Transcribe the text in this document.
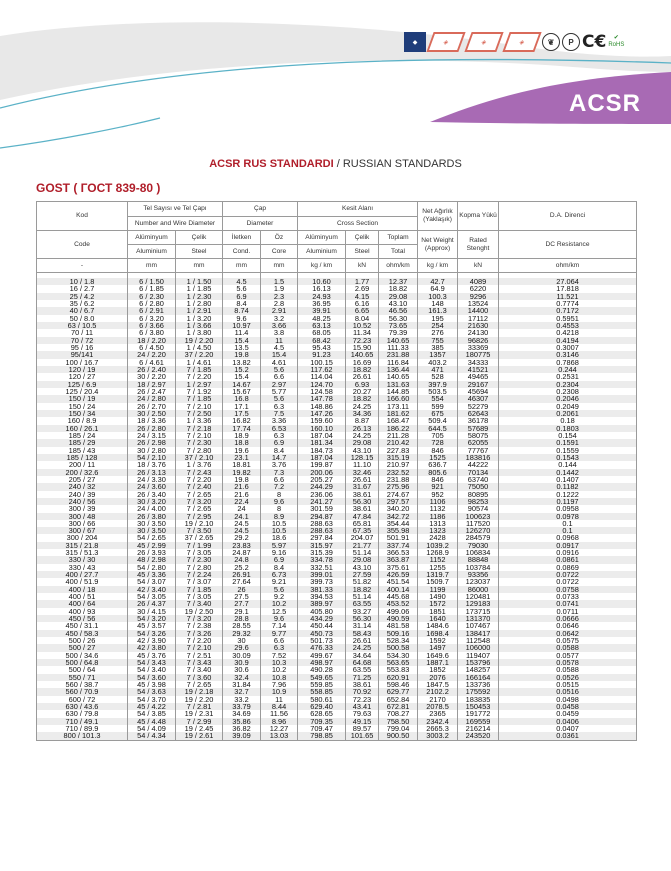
◆	◈	◈	◈	❦	P C€ ✔
RoHS
ACSR
ACSR RUS STANDARDI / RUSSIAN STANDARDS
GOST ( ГОСТ 839-80 )
Kod	Tel Sayısı ve Tel Çapı		Çap		Kesit Alanı			Net Ağırlık (Yaklaşık)	Kopma Yükü	D.A. Direnci
	Number and Wire Diameter		Diameter		Cross Section					
Code	Alüminyum	Çelik	İletken	Öz	Alüminyum	Çelik	Toplam	Net Weight (Approx)	Rated Stenght	DC Resistance
	Aluminium	Steel	Cond.	Core	Aluminium	Steel	Total			
-	mm	mm	mm	mm	kg / km	kN	ohm/km	kg / km	kN	ohm/km

10 / 1.8	6 / 1.50	1 / 1.50	4.5	1.5	10.60	1.77	12.37	42.7	4089	27.064
16 / 2.7	6 / 1.85	1 / 1.85	5.6	1.9	16.13	2.69	18.82	64.9	6220	17.818
25 / 4.2	6 / 2.30	1 / 2.30	6.9	2.3	24.93	4.15	29.08	100.3	9296	11.521
35 / 6.2	6 / 2.80	1 / 2.80	8.4	2.8	36.95	6.16	43.10	148	13524	0.7774
40 / 6.7	6 / 2.91	1 / 2.91	8.74	2.91	39.91	6.65	46.56	161.3	14400	0.7172
50 / 8.0	6 / 3.20	1 / 3.20	9.6	3.2	48.25	8.04	56.30	195	17112	0.5951
63 / 10.5	6 / 3.66	1 / 3.66	10.97	3.66	63.13	10.52	73.65	254	21630	0.4553
70 / 11	6 / 3.80	1 / 3.80	11.4	3.8	68.05	11.34	79.39	276	24130	0.4218
70 / 72	18 / 2.20	19 / 2.20	15.4	11	68.42	72.23	140.65	755	96826	0.4194
95 / 16	6 / 4.50	1 / 4.50	13.5	4.5	95.43	15.90	111.33	385	33369	0.3007
95/141	24 / 2.20	37 / 2.20	19.8	15.4	91.23	140.65	231.88	1357	180775	0.3146
100 / 16.7	6 / 4.61	1 / 4.61	13.82	4.61	100.15	16.69	116.84	403.2	34333	0.7868
120 / 19	26 / 2.40	7 / 1.85	15.2	5.6	117.62	18.82	136.44	471	41521	0.244
120 / 27	30 / 2.20	7 / 2.20	15.4	6.6	114.04	26.61	140.65	528	49465	0.2531
125 / 6.9	18 / 2.97	1 / 2.97	14.67	2.97	124.70	6.93	131.63	397.9	29167	0.2304
125 / 20.4	26 / 2.47	7 / 1.92	15.67	5.77	124.58	20.27	144.85	503.5	45694	0.2308
150 / 19	24 / 2.80	7 / 1.85	16.8	5.6	147.78	18.82	166.60	554	46307	0.2046
150 / 24	26 / 2.70	7 / 2.10	17.1	6.3	148.86	24.25	173.11	599	52279	0.2049
150 / 34	30 / 2.50	7 / 2.50	17.5	7.5	147.26	34.36	181.62	675	62643	0.2061
160 / 8.9	18 / 3.36	1 / 3.36	16.82	3.36	159.60	8.87	168.47	509.4	36178	0.18
160 / 26.1	26 / 2.80	7 / 2.18	17.74	6.53	160.10	26.13	186.22	644.5	57689	0.1803
185 / 24	24 / 3.15	7 / 2.10	18.9	6.3	187.04	24.25	211.28	705	58075	0.154
185 / 29	26 / 2.98	7 / 2.30	18.8	6.9	181.34	29.08	210.42	728	62055	0.1591
185 / 43	30 / 2.80	7 / 2.80	19.6	8.4	184.73	43.10	227.83	846	77767	0.1559
185 / 128	54 / 2.10	37 / 2.10	23.1	14.7	187.04	128.15	315.19	1525	183816	0.1543
200 / 11	18 / 3.76	1 / 3.76	18.81	3.76	199.87	11.10	210.97	636.7	44222	0.144
200 / 32.6	26 / 3.13	7 / 2.43	19.82	7.3	200.06	32.46	232.52	805.6	70134	0.1442
205 / 27	24 / 3.30	7 / 2.20	19.8	6.6	205.27	26.61	231.88	846	63740	0.1407
240 / 32	24 / 3.60	7 / 2.40	21.6	7.2	244.29	31.67	275.96	921	75050	0.1182
240 / 39	26 / 3.40	7 / 2.65	21.6	8	236.06	38.61	274.67	952	80895	0.1222
240 / 56	30 / 3.20	7 / 3.20	22.4	9.6	241.27	56.30	297.57	1106	98253	0.1197
300 / 39	24 / 4.00	7 / 2.65	24	8	301.59	38.61	340.20	1132	90574	0.0958
300 / 48	26 / 3.80	7 / 2.95	24.1	8.9	294.87	47.84	342.72	1186	100623	0.0978
300 / 66	30 / 3.50	19 / 2.10	24.5	10.5	288.63	65.81	354.44	1313	117520	0.1
300 / 67	30 / 3.50	7 / 3.50	24.5	10.5	288.63	67.35	355.98	1323	126270	0.1
300 / 204	54 / 2.65	37 / 2.65	29.2	18.6	297.84	204.07	501.91	2428	284579	0.0968
315 / 21.8	45 / 2.99	7 / 1.99	23.83	5.97	315.97	21.77	337.74	1039.2	79030	0.0917
315 / 51.3	26 / 3.93	7 / 3.05	24.87	9.16	315.39	51.14	366.53	1268.9	106834	0.0916
330 / 30	48 / 2.98	7 / 2.30	24.8	6.9	334.78	29.08	363.87	1152	88848	0.0861
330 / 43	54 / 2.80	7 / 2.80	25.2	8.4	332.51	43.10	375.61	1255	103784	0.0869
400 / 27.7	45 / 3.36	7 / 2.24	26.91	6.73	399.01	27.59	426.59	1319.7	93356	0.0722
400 / 51.9	54 / 3.07	7 / 3.07	27.64	9.21	399.73	51.82	451.54	1509.7	123037	0.0722
400 / 18	42 / 3.40	7 / 1.85	26	5.6	381.33	18.82	400.14	1199	86000	0.0758
400 / 51	54 / 3.05	7 / 3.05	27.5	9.2	394.53	51.14	445.68	1490	120481	0.0733
400 / 64	26 / 4.37	7 / 3.40	27.7	10.2	389.97	63.55	453.52	1572	129183	0.0741
400 / 93	30 / 4.15	19 / 2.50	29.1	12.5	405.80	93.27	499.06	1851	173715	0.0711
450 / 56	54 / 3.20	7 / 3.20	28.8	9.6	434.29	56.30	490.59	1640	131370	0.0666
450 / 31.1	45 / 3.57	7 / 2.38	28.55	7.14	450.44	31.14	481.58	1484.6	107467	0.0646
450 / 58.3	54 / 3.26	7 / 3.26	29.32	9.77	450.73	58.43	509.16	1698.4	138417	0.0642
500 / 26	42 / 3.90	7 / 2.20	30	6.6	501.73	26.61	528.34	1592	112548	0.0575
500 / 27	42 / 3.80	7 / 2.10	29.6	6.3	476.33	24.25	500.58	1497	106000	0.0588
500 / 34.6	45 / 3.76	7 / 2.51	30.09	7.52	499.67	34.64	534.30	1649.6	119407	0.0577
500 / 64.8	54 / 3.43	7 / 3.43	30.9	10.3	498.97	64.68	563.65	1887.1	153796	0.0578
500 / 64	54 / 3.40	7 / 3.40	30.6	10.2	490.28	63.55	553.83	1852	148257	0.0588
550 / 71	54 / 3.60	7 / 3.60	32.4	10.8	549.65	71.25	620.91	2076	166164	0.0526
560 / 38.7	45 / 3.98	7 / 2.65	31.84	7.96	559.85	38.61	598.46	1847.5	133736	0.0515
560 / 70.9	54 / 3.63	19 / 2.18	32.7	10.9	558.85	70.92	629.77	2102.2	175592	0.0516
600 / 72	54 / 3.70	19 / 2.20	33.2	11	580.61	72.23	652.84	2170	183835	0.0498
630 / 43.6	45 / 4.22	7 / 2.81	33.79	8.44	629.40	43.41	672.81	2078.5	150453	0.0458
630 / 79.8	54 / 3.85	19 / 2.31	34.69	11.56	628.65	79.63	708.27	2365	191772	0.0459
710 / 49.1	45 / 4.48	7 / 2.99	35.86	8.96	709.35	49.15	758.50	2342.4	169559	0.0406
710 / 89.9	54 / 4.09	19 / 2.45	36.82	12.27	709.47	89.57	799.04	2665.3	216214	0.0407
800 / 101.3	54 / 4.34	19 / 2.61	39.09	13.03	798.85	101.65	900.50	3003.2	243520	0.0361
